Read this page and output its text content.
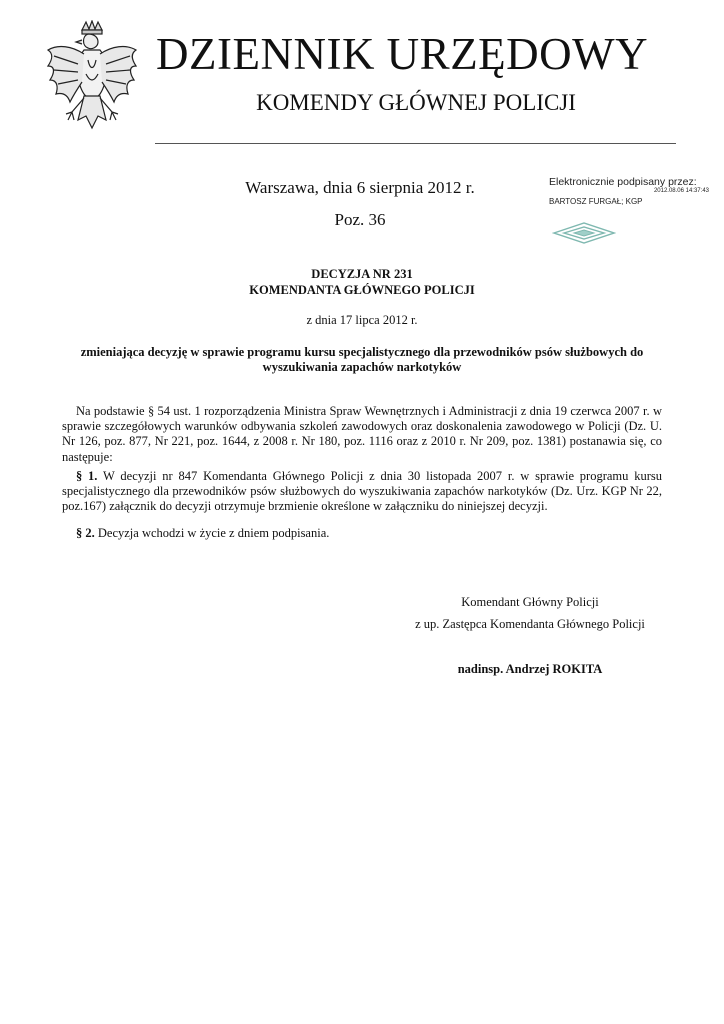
DZIENNIK URZĘDOWY
KOMENDY GŁÓWNEJ POLICJI
Warszawa, dnia 6 sierpnia 2012 r.
Poz. 36
Elektronicznie podpisany przez:
2012.08.06 14:37:43
BARTOSZ FURGAŁ; KGP
DECYZJA NR 231
KOMENDANTA GŁÓWNEGO POLICJI
z dnia 17 lipca 2012 r.
zmieniająca decyzję w sprawie programu kursu specjalistycznego dla przewodników psów służbowych do wyszukiwania zapachów narkotyków
Na podstawie § 54 ust. 1 rozporządzenia Ministra Spraw Wewnętrznych i Administracji z dnia 19 czerwca 2007 r. w sprawie szczegółowych warunków odbywania szkoleń zawodowych oraz doskonalenia zawodowego w Policji (Dz. U. Nr 126, poz. 877, Nr 221, poz. 1644, z 2008 r. Nr 180, poz. 1116 oraz z 2010 r. Nr 209, poz. 1381) postanawia się, co następuje:
§ 1. W decyzji nr 847 Komendanta Głównego Policji z dnia 30 listopada 2007 r. w sprawie programu kursu specjalistycznego dla przewodników psów służbowych do wyszukiwania zapachów narkotyków (Dz. Urz. KGP Nr 22, poz.167) załącznik do decyzji otrzymuje brzmienie określone w załączniku do niniejszej decyzji.
§ 2. Decyzja wchodzi w życie z dniem podpisania.
Komendant Główny Policji
z up. Zastępca Komendanta Głównego Policji
nadinsp. Andrzej ROKITA
